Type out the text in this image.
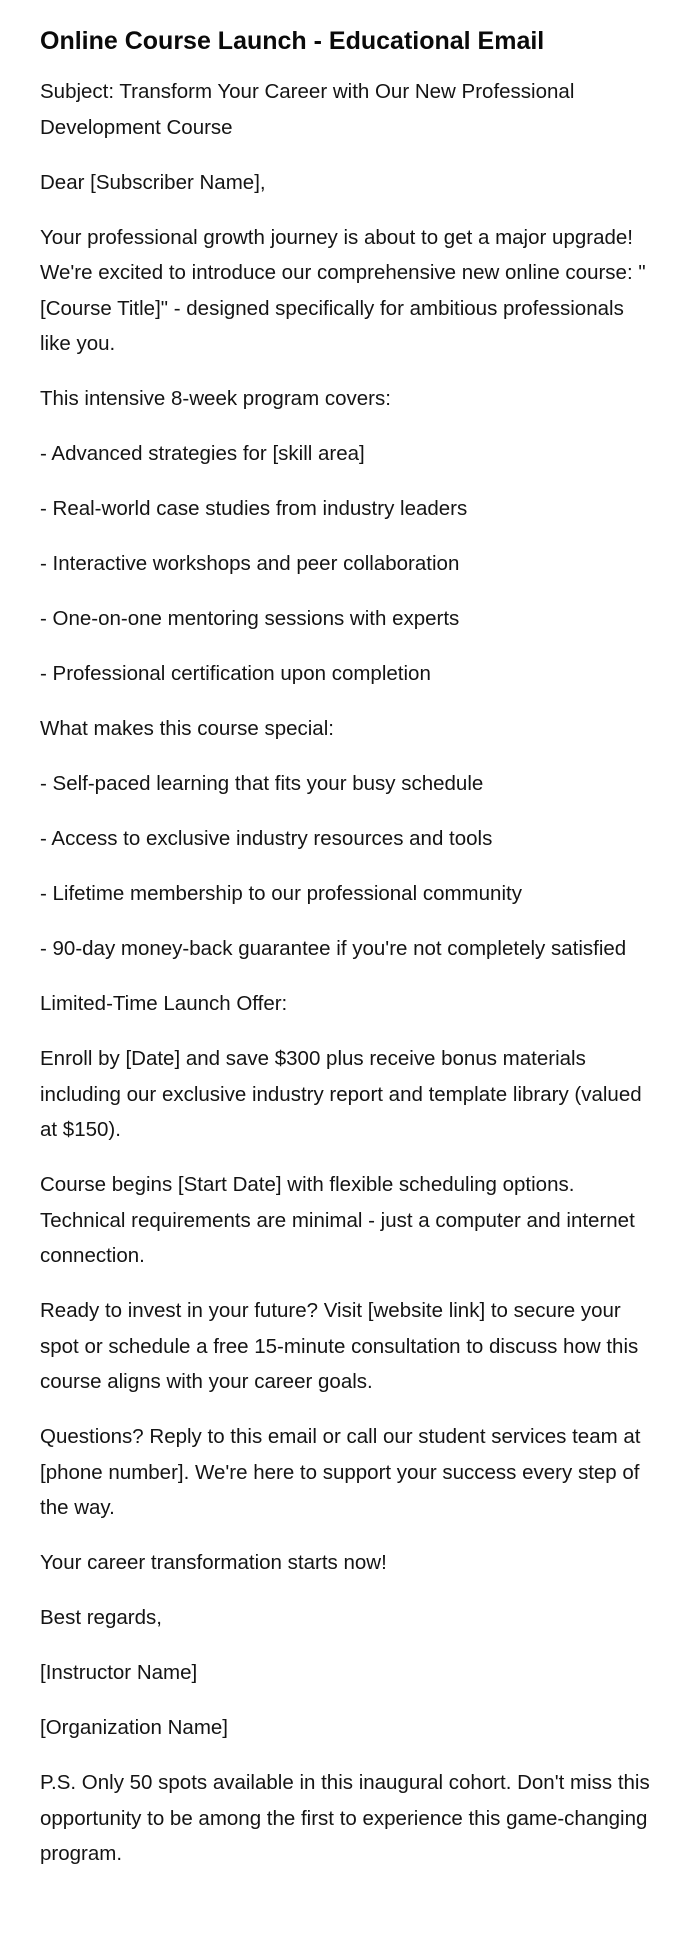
Online Course Launch - Educational Email

Subject: Transform Your Career with Our New Professional Development Course

Dear [Subscriber Name],

Your professional growth journey is about to get a major upgrade! We're excited to introduce our comprehensive new online course: "[Course Title]" - designed specifically for ambitious professionals like you.

This intensive 8-week program covers:

- Advanced strategies for [skill area]

- Real-world case studies from industry leaders

- Interactive workshops and peer collaboration

- One-on-one mentoring sessions with experts

- Professional certification upon completion

What makes this course special:

- Self-paced learning that fits your busy schedule

- Access to exclusive industry resources and tools

- Lifetime membership to our professional community

- 90-day money-back guarantee if you're not completely satisfied

Limited-Time Launch Offer:

Enroll by [Date] and save $300 plus receive bonus materials including our exclusive industry report and template library (valued at $150).

Course begins [Start Date] with flexible scheduling options. Technical requirements are minimal - just a computer and internet connection.

Ready to invest in your future? Visit [website link] to secure your spot or schedule a free 15-minute consultation to discuss how this course aligns with your career goals.

Questions? Reply to this email or call our student services team at [phone number]. We're here to support your success every step of the way.

Your career transformation starts now!

Best regards,

[Instructor Name]

[Organization Name]

P.S. Only 50 spots available in this inaugural cohort. Don't miss this opportunity to be among the first to experience this game-changing program.
